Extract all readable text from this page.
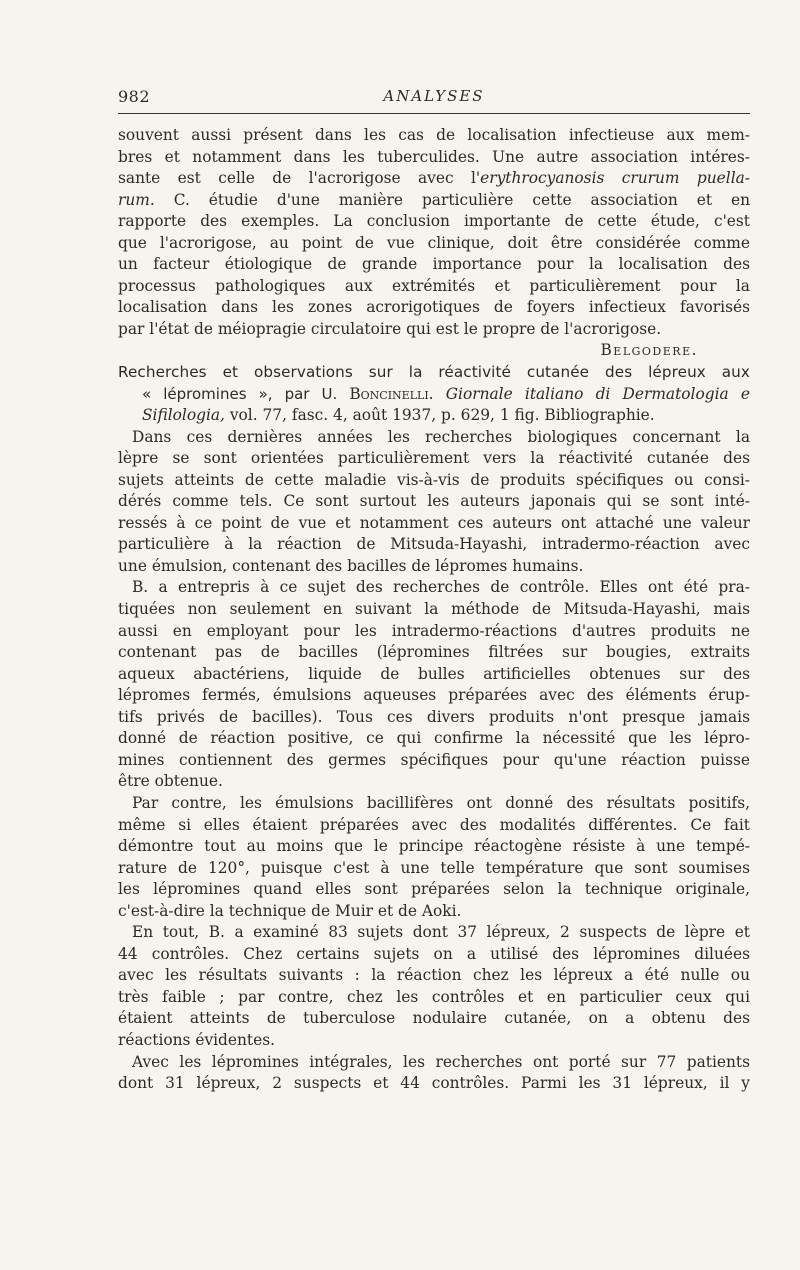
982	ANALYSES

souvent aussi présent dans les cas de localisation infectieuse aux mem-

bres et notamment dans les tuberculides. Une autre association intéres-

sante est celle de l'acrorigose avec l'erythrocyanosis crurum puella-

rum. C. étudie d'une manière particulière cette association et en

rapporte des exemples. La conclusion importante de cette étude, c'est

que l'acrorigose, au point de vue clinique, doit être considérée comme

un facteur étiologique de grande importance pour la localisation des

processus pathologiques aux extrémités et particulièrement pour la

localisation dans les zones acrorigotiques de foyers infectieux favorisés

par l'état de méiopragie circulatoire qui est le propre de l'acrorigose.

Belgodere.

Recherches et observations sur la réactivité cutanée des lépreux aux

« lépromines », par U. Boncinelli. Giornale italiano di Dermatologia e

Sifilologia, vol. 77, fasc. 4, août 1937, p. 629, 1 fig. Bibliographie.

Dans ces dernières années les recherches biologiques concernant la

lèpre se sont orientées particulièrement vers la réactivité cutanée des

sujets atteints de cette maladie vis-à-vis de produits spécifiques ou consi-

dérés comme tels. Ce sont surtout les auteurs japonais qui se sont inté-

ressés à ce point de vue et notamment ces auteurs ont attaché une valeur

particulière à la réaction de Mitsuda-Hayashi, intradermo-réaction avec

une émulsion, contenant des bacilles de lépromes humains.

B. a entrepris à ce sujet des recherches de contrôle. Elles ont été pra-

tiquées non seulement en suivant la méthode de Mitsuda-Hayashi, mais

aussi en employant pour les intradermo-réactions d'autres produits ne

contenant pas de bacilles (lépromines filtrées sur bougies, extraits

aqueux abactériens, liquide de bulles artificielles obtenues sur des

lépromes fermés, émulsions aqueuses préparées avec des éléments érup-

tifs privés de bacilles). Tous ces divers produits n'ont presque jamais

donné de réaction positive, ce qui confirme la nécessité que les lépro-

mines contiennent des germes spécifiques pour qu'une réaction puisse

être obtenue.

Par contre, les émulsions bacillifères ont donné des résultats positifs,

même si elles étaient préparées avec des modalités différentes. Ce fait

démontre tout au moins que le principe réactogène résiste à une tempé-

rature de 120°, puisque c'est à une telle température que sont soumises

les lépromines quand elles sont préparées selon la technique originale,

c'est-à-dire la technique de Muir et de Aoki.

En tout, B. a examiné 83 sujets dont 37 lépreux, 2 suspects de lèpre et

44 contrôles. Chez certains sujets on a utilisé des lépromines diluées

avec les résultats suivants : la réaction chez les lépreux a été nulle ou

très faible ; par contre, chez les contrôles et en particulier ceux qui

étaient atteints de tuberculose nodulaire cutanée, on a obtenu des

réactions évidentes.

Avec les lépromines intégrales, les recherches ont porté sur 77 patients

dont 31 lépreux, 2 suspects et 44 contrôles. Parmi les 31 lépreux, il y
